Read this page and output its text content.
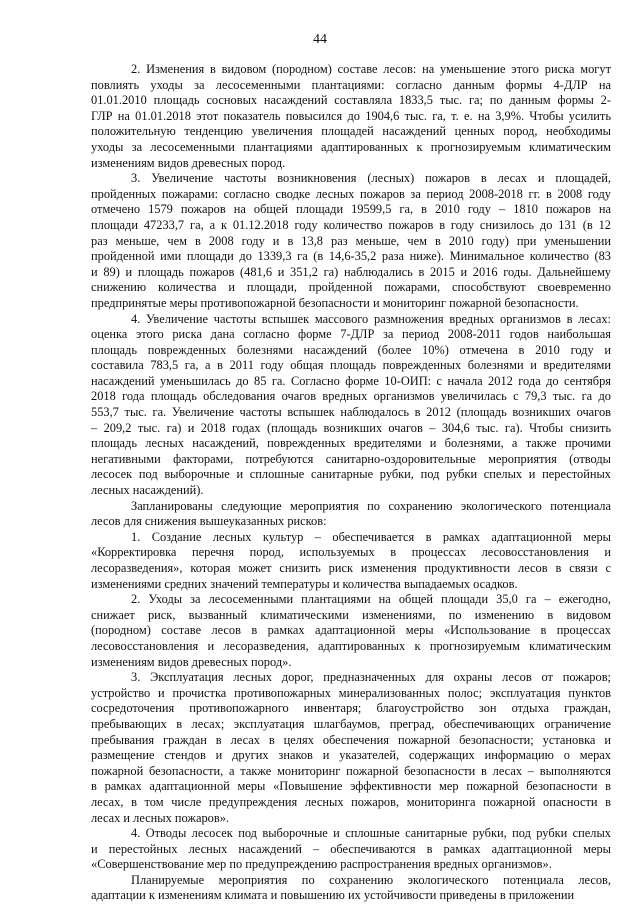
44
2. Изменения в видовом (породном) составе лесов: на уменьшение этого риска могут
повлиять уходы за лесосеменными плантациями: согласно данным формы 4-ДЛР на
01.01.2010 площадь сосновых насаждений составляла 1833,5 тыс. га; по данным формы 2-
ГЛР на 01.01.2018 этот показатель повысился до 1904,6 тыс. га, т. е. на 3,9%. Чтобы усилить
положительную тенденцию увеличения площадей насаждений ценных пород, необходимы
уходы за лесосеменными плантациями адаптированных к прогнозируемым климатическим
изменениям видов древесных пород.
3. Увеличение частоты возникновения (лесных) пожаров в лесах и площадей,
пройденных пожарами: согласно сводке лесных пожаров за период 2008-2018 гг. в 2008 году
отмечено 1579 пожаров на общей площади 19599,5 га, в 2010 году – 1810 пожаров на
площади 47233,7 га, а к 01.12.2018 году количество пожаров в году снизилось до 131 (в 12
раз меньше, чем в 2008 году и в 13,8 раз меньше, чем в 2010 году) при уменьшении
пройденной ими площади до 1339,3 га (в 14,6-35,2 раза ниже). Минимальное количество (83
и 89) и площадь пожаров (481,6 и 351,2 га) наблюдались в 2015 и 2016 годы. Дальнейшему
снижению количества и площади, пройденной пожарами, способствуют своевременно
предпринятые меры противопожарной безопасности и мониторинг пожарной безопасности.
4. Увеличение частоты вспышек массового размножения вредных организмов в лесах:
оценка этого риска дана согласно форме 7-ДЛР за период 2008-2011 годов наибольшая
площадь поврежденных болезнями насаждений (более 10%) отмечена в 2010 году и
составила 783,5 га, а в 2011 году общая площадь поврежденных болезнями и вредителями
насаждений уменьшилась до 85 га. Согласно форме 10-ОИП: с начала 2012 года до сентября
2018 года площадь обследования очагов вредных организмов увеличилась с 79,3 тыс. га до
553,7 тыс. га. Увеличение частоты вспышек наблюдалось в 2012 (площадь возникших очагов
– 209,2 тыс. га) и 2018 годах (площадь возникших очагов – 304,6 тыс. га). Чтобы снизить
площадь лесных насаждений, поврежденных вредителями и болезнями, а также прочими
негативными факторами, потребуются санитарно-оздоровительные мероприятия (отводы
лесосек под выборочные и сплошные санитарные рубки, под рубки спелых и перестойных
лесных насаждений).
Запланированы следующие мероприятия по сохранению экологического потенциала
лесов для снижения вышеуказанных рисков:
1. Создание лесных культур – обеспечивается в рамках адаптационной меры
«Корректировка перечня пород, используемых в процессах лесовосстановления и
лесоразведения», которая может снизить риск изменения продуктивности лесов в связи с
изменениями средних значений температуры и количества выпадаемых осадков.
2. Уходы за лесосеменными плантациями на общей площади 35,0 га – ежегодно,
снижает риск, вызванный климатическими изменениями, по изменению в видовом
(породном) составе лесов в рамках адаптационной меры «Использование в процессах
лесовосстановления и лесоразведения, адаптированных к прогнозируемым климатическим
изменениям видов древесных пород».
3. Эксплуатация лесных дорог, предназначенных для охраны лесов от пожаров;
устройство и прочистка противопожарных минерализованных полос; эксплуатация пунктов
сосредоточения противопожарного инвентаря; благоустройство зон отдыха граждан,
пребывающих в лесах; эксплуатация шлагбаумов, преград, обеспечивающих ограничение
пребывания граждан в лесах в целях обеспечения пожарной безопасности; установка и
размещение стендов и других знаков и указателей, содержащих информацию о мерах
пожарной безопасности, а также мониторинг пожарной безопасности в лесах – выполняются
в рамках адаптационной меры «Повышение эффективности мер пожарной безопасности в
лесах, в том числе предупреждения лесных пожаров, мониторинга пожарной опасности в
лесах и лесных пожаров».
4. Отводы лесосек под выборочные и сплошные санитарные рубки, под рубки спелых
и перестойных лесных насаждений – обеспечиваются в рамках адаптационной меры
«Совершенствование мер по предупреждению распространения вредных организмов».
Планируемые мероприятия по сохранению экологического потенциала лесов,
адаптации к изменениям климата и повышению их устойчивости приведены в приложении
